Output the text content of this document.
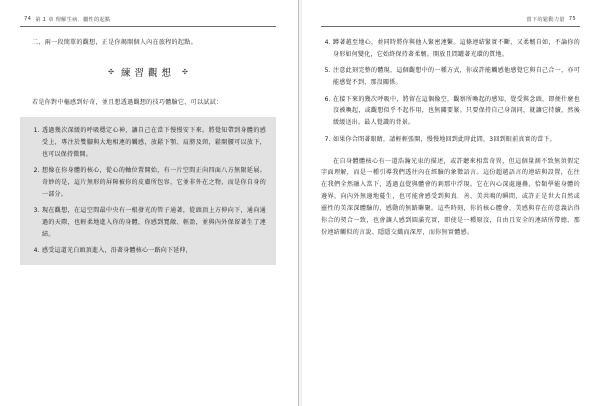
74 第 1 章 理解生病．屬性的起點

二、兩一段簡單的觀想，正是你揭開個人內在旅程的起點。

✣ 練習觀想 ✣

若是你對中樞感到好奇，並且想透過觀想的技巧體驗它，可以試試：

1. 透過幾次深緩的呼吸穩定心神，讓自己在當下慢慢安下來。將覺知帶到身體的感受上，專注於雙腳與大地相連的觸感，放鬆下顎、肩膀及頸，鬆開腰可以放下，也可以保持微開。
2. 想像在你身體的核心，從心的軸位置開始，有一片空間正向四面八方無限延展。奇妙的是，這片無形的屏障被你的皮膚所包容，它並非外在之物，而是你自身的一部分。
3. 現在觀想，在這空間最中央有一根發光的管子通著，從頭頂上方伸向下，通向通過的天際，也輕柔地進入你的身體，你感到寬敞、輕盈，並與內外保留著生了連結。
4. 感受這道光白頭頂進入，沿著身體核心一路向下延伸，
當下的鬆動力量 75
4. 蹲著越至地心，並同時將你與他人緊密連繫。這條連結緊實不斷、又柔韌自如，不論你的身形如何變化，它始終保持著柔韌。開放且問罐著光環的質地。
5. 注意此刻完整的體現，這個觀想中的一種方式，你或許能觸感他感覺它與自己合一，亦可能感覺不到，那沒關係。
6. 在接下來的幾次呼吸中，將留在這個像空，觀察所喚起的感知、覺受與念頭，即便什麼也沒被喚起，或觀想似乎不起作用，也無關要緊。只要保持自己身剖同，就讓它持續，然後緩緩送出。最人覺識的背景。
7. 如果你合閉著眼睛，請輕輕張開，慢慢地回到此時此間，3回到眼前真實的當下。

在自身體體核心有一道浩瀚光束的描述，或許聽來相當奇異，但這個量測不致無須假定字面理解，而是一種引導我們透往內在經驗的象徵語言。這份超越語言的連結與設置，在往在我們全然融入當下，透過直覺與體會的剎那中浮現。它在內心深處邊疊，恰類學能身體的邊界，向內外無邊地蔓生，也可能會感受到與真．善、美共鳴的瞬間，或許正是世大自然或靈性的美深深體驗的，感動的無路聯聚。這些時刻，你的核心體會、美感與存在的意義沾得你合的契合一致，也會讓人感到圓滿充實，即使是一種原沒，自由且安全的連結所帶總、那份連結觸似的言說、隱隱交織而深厚，而你無實體感。
